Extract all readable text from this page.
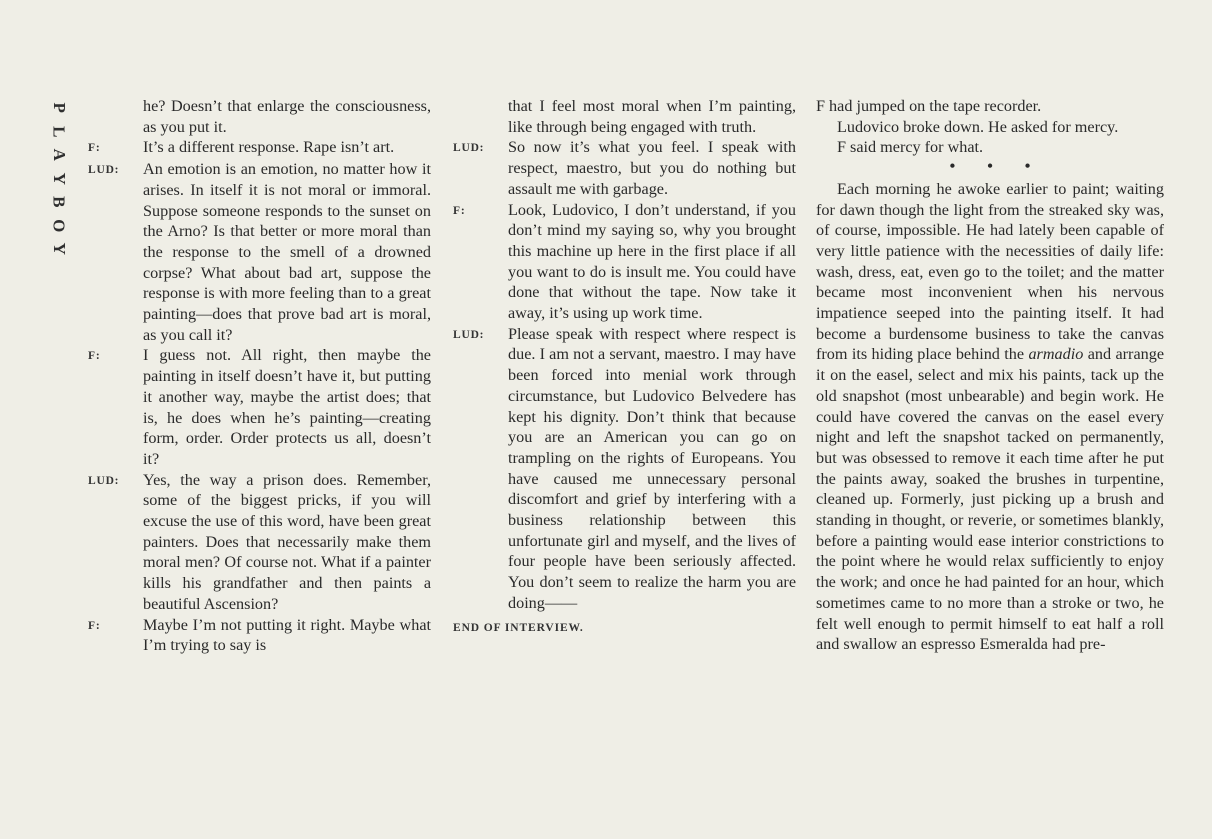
P
L
A
Y
B
O
Y
he? Doesn’t that enlarge the consciousness, as you put it.
F:	It’s a different response. Rape isn’t art.
LUD:	An emotion is an emotion, no matter how it arises. In itself it is not moral or immoral. Suppose someone responds to the sunset on the Arno? Is that better or more moral than the response to the smell of a drowned corpse? What about bad art, suppose the response is with more feeling than to a great painting—does that prove bad art is moral, as you call it?
F:	I guess not. All right, then maybe the painting in itself doesn’t have it, but putting it another way, maybe the artist does; that is, he does when he’s painting—creating form, order. Order protects us all, doesn’t it?
LUD:	Yes, the way a prison does. Remember, some of the biggest pricks, if you will excuse the use of this word, have been great painters. Does that necessarily make them moral men? Of course not. What if a painter kills his grandfather and then paints a beautiful Ascension?
F:	Maybe I’m not putting it right. Maybe what I’m trying to say is
that I feel most moral when I’m painting, like through being engaged with truth.
LUD:	So now it’s what you feel. I speak with respect, maestro, but you do nothing but assault me with garbage.
F:	Look, Ludovico, I don’t understand, if you don’t mind my saying so, why you brought this machine up here in the first place if all you want to do is insult me. You could have done that without the tape. Now take it away, it’s using up work time.
LUD:	Please speak with respect where respect is due. I am not a servant, maestro. I may have been forced into menial work through circumstance, but Ludovico Belvedere has kept his dignity. Don’t think that because you are an American you can go on trampling on the rights of Europeans. You have caused me unnecessary personal discomfort and grief by interfering with a business relationship between this unfortunate girl and myself, and the lives of four people have been seriously affected. You don’t seem to realize the harm you are doing——
END OF INTERVIEW.

F had jumped on the tape recorder.

Ludovico broke down. He asked for mercy.

F said mercy for what.

• • •

Each morning he awoke earlier to paint; waiting for dawn though the light from the streaked sky was, of course, impossible. He had lately been capable of very little patience with the necessities of daily life: wash, dress, eat, even go to the toilet; and the matter became most inconvenient when his nervous impatience seeped into the painting itself. It had become a burdensome business to take the canvas from its hiding place behind the armadio and arrange it on the easel, select and mix his paints, tack up the old snapshot (most unbearable) and begin work. He could have covered the canvas on the easel every night and left the snapshot tacked on permanently, but was obsessed to remove it each time after he put the paints away, soaked the brushes in turpentine, cleaned up. Formerly, just picking up a brush and standing in thought, or reverie, or sometimes blankly, before a painting would ease interior constrictions to the point where he would relax sufficiently to enjoy the work; and once he had painted for an hour, which sometimes came to no more than a stroke or two, he felt well enough to permit himself to eat half a roll and swallow an espresso Esmeralda had pre-
